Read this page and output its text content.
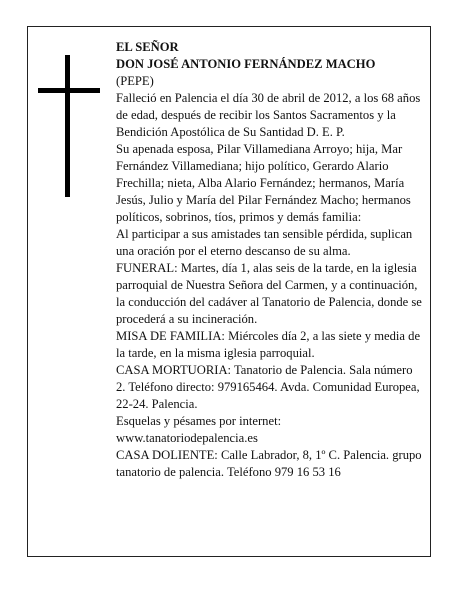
EL SEÑOR

DON JOSÉ ANTONIO FERNÁNDEZ MACHO

(PEPE)

Falleció en Palencia el día 30 de abril de 2012, a los 68 años de edad, después de recibir los Santos Sacramentos y la Bendición Apostólica de Su Santidad D. E. P.

Su apenada esposa, Pilar Villamediana Arroyo; hija, Mar Fernández Villamediana; hijo político, Gerardo Alario Frechilla; nieta, Alba Alario Fernández; hermanos, María Jesús, Julio y María del Pilar Fernández Macho; hermanos políticos, sobrinos, tíos, primos y demás familia:

Al participar a sus amistades tan sensible pérdida, suplican una oración por el eterno descanso de su alma.

FUNERAL: Martes, día 1, alas seis de la tarde, en la iglesia parroquial de Nuestra Señora del Carmen, y a continuación, la conducción del cadáver al Tanatorio de Palencia, donde se procederá a su incineración.

MISA DE FAMILIA: Miércoles día 2, a las siete y media de la tarde, en la misma iglesia parroquial.

CASA MORTUORIA: Tanatorio de Palencia. Sala número 2. Teléfono directo: 979165464. Avda. Comunidad Europea, 22-24. Palencia.

Esquelas y pésames por internet: www.tanatoriodepalencia.es

CASA DOLIENTE: Calle Labrador, 8, 1º C. Palencia. grupo tanatorio de palencia. Teléfono 979 16 53 16
